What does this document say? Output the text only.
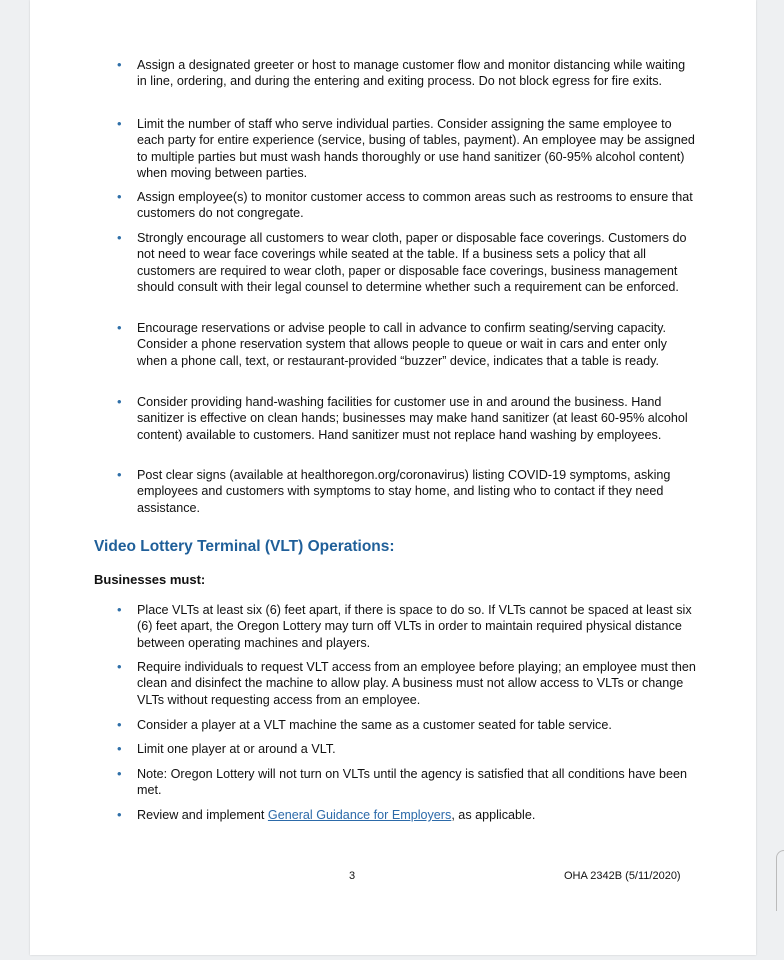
• Assign a designated greeter or host to manage customer flow and monitor distancing while waiting in line, ordering, and during the entering and exiting process. Do not block egress for fire exits.
• Limit the number of staff who serve individual parties. Consider assigning the same employee to each party for entire experience (service, busing of tables, payment). An employee may be assigned to multiple parties but must wash hands thoroughly or use hand sanitizer (60-95% alcohol content) when moving between parties.
• Assign employee(s) to monitor customer access to common areas such as restrooms to ensure that customers do not congregate.
• Strongly encourage all customers to wear cloth, paper or disposable face coverings. Customers do not need to wear face coverings while seated at the table. If a business sets a policy that all customers are required to wear cloth, paper or disposable face coverings, business management should consult with their legal counsel to determine whether such a requirement can be enforced.
• Encourage reservations or advise people to call in advance to confirm seating/serving capacity. Consider a phone reservation system that allows people to queue or wait in cars and enter only when a phone call, text, or restaurant-provided “buzzer” device, indicates that a table is ready.
• Consider providing hand-washing facilities for customer use in and around the business. Hand sanitizer is effective on clean hands; businesses may make hand sanitizer (at least 60-95% alcohol content) available to customers. Hand sanitizer must not replace hand washing by employees.
• Post clear signs (available at healthoregon.org/coronavirus) listing COVID-19 symptoms, asking employees and customers with symptoms to stay home, and listing who to contact if they need assistance.
Video Lottery Terminal (VLT) Operations:
Businesses must:
• Place VLTs at least six (6) feet apart, if there is space to do so. If VLTs cannot be spaced at least six (6) feet apart, the Oregon Lottery may turn off VLTs in order to maintain required physical distance between operating machines and players.
• Require individuals to request VLT access from an employee before playing; an employee must then clean and disinfect the machine to allow play. A business must not allow access to VLTs or change VLTs without requesting access from an employee.
• Consider a player at a VLT machine the same as a customer seated for table service.
• Limit one player at or around a VLT.
• Note: Oregon Lottery will not turn on VLTs until the agency is satisfied that all conditions have been met.
• Review and implement General Guidance for Employers, as applicable.
3	OHA 2342B (5/11/2020)
